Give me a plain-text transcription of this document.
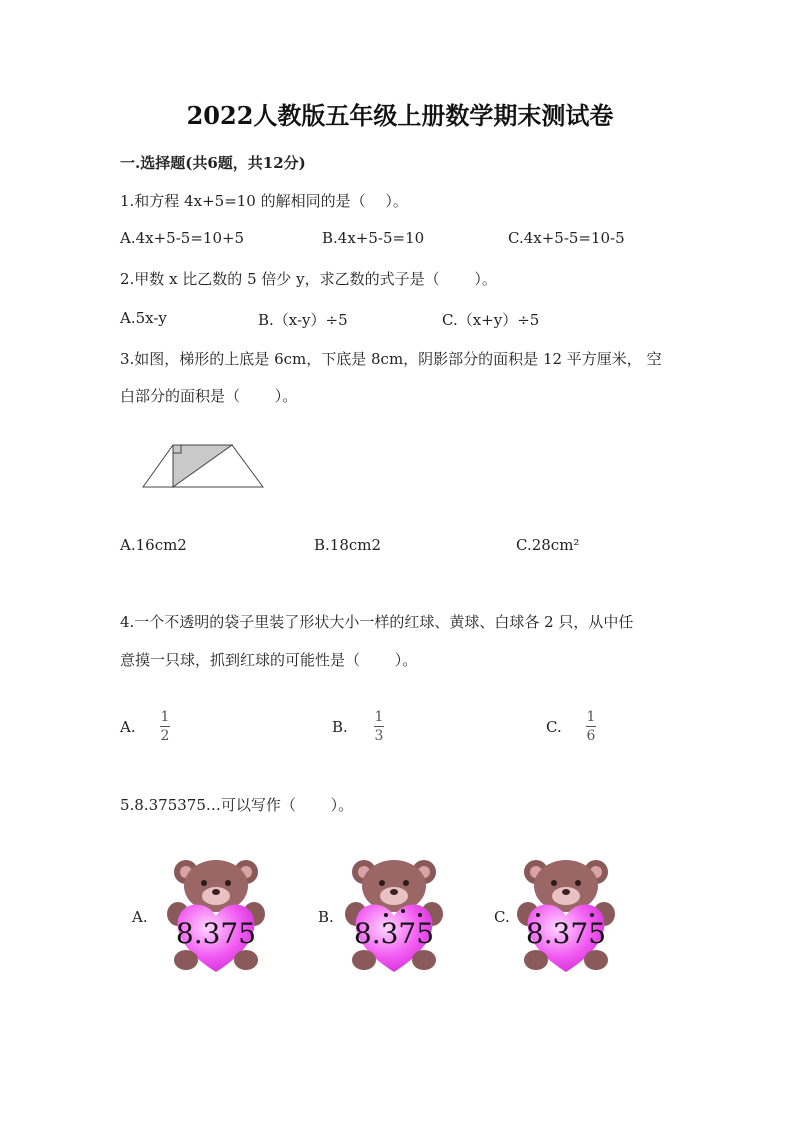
2022人教版五年级上册数学期末测试卷
一.选择题(共6题，共12分)
1.和方程 4x+5=10 的解相同的是（　 ）。
A.4x+5-5=10+5	B.4x+5-5=10	C.4x+5-5=10-5
2.甲数 x 比乙数的 5 倍少 y，求乙数的式子是（　　 ）。
A.5x-y	B.（x-y）÷5	C.（x+y）÷5
3.如图，梯形的上底是 6cm，下底是 8cm，阴影部分的面积是 12 平方厘米， 空
白部分的面积是（　　 ）。
A.16cm2	B.18cm2	C.28cm²
4.一个不透明的袋子里装了形状大小一样的红球、黄球、白球各 2 只，从中任
意摸一只球，抓到红球的可能性是（　　 ）。
A.
1
2	B.
1
3	C.
1
6
5.8.375375…可以写作（　　 ）。
A.	B.	C.
8.375	8.375	8.375
